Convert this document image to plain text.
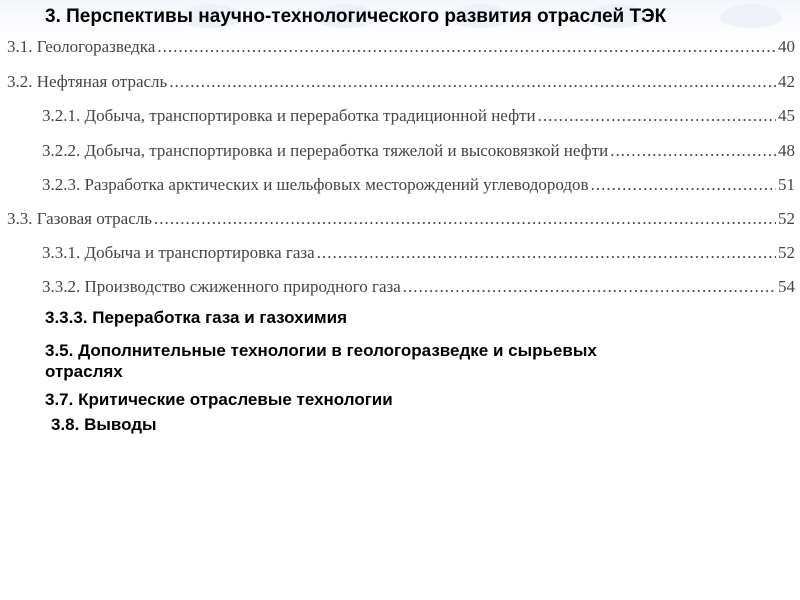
3. Перспективы научно-технологического развития отраслей ТЭК
3.1. Геологоразведка .....	40
3.2. Нефтяная отрасль .....	42
3.2.1. Добыча, транспортировка и переработка традиционной нефти .....	45
3.2.2. Добыча, транспортировка и переработка тяжелой и высоковязкой нефти .....	48
3.2.3. Разработка арктических и шельфовых месторождений углеводородов .....	51
3.3. Газовая отрасль .....	52
3.3.1. Добыча и транспортировка газа .....	52
3.3.2. Производство сжиженного природного газа .....	54

3.3.3. Переработка газа и газохимия

3.5. Дополнительные технологии в геологоразведке и сырьевых отраслях

3.7. Критические отраслевые технологии

3.8. Выводы
